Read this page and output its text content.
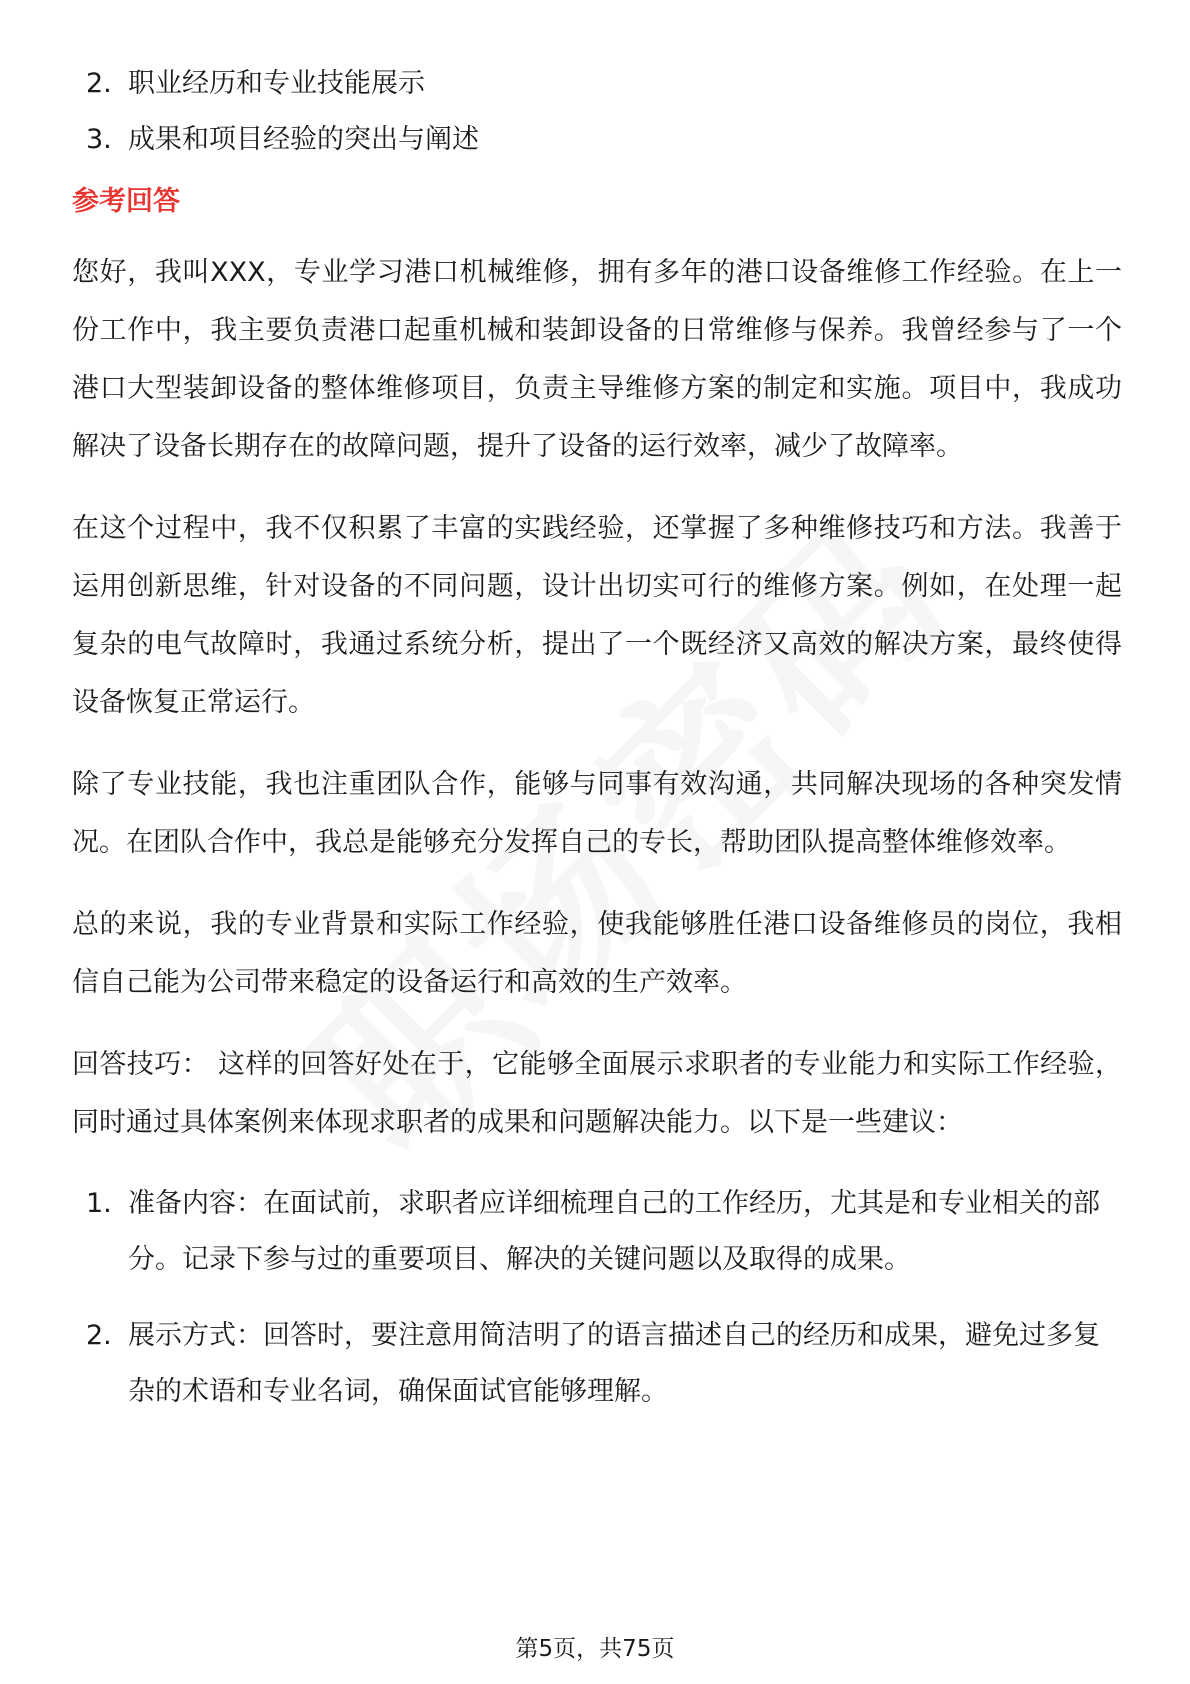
2. 职业经历和专业技能展示
3. 成果和项目经验的突出与阐述
参考回答

您好，我叫XXX，专业学习港口机械维修，拥有多年的港口设备维修工作经验。在上一份工作中，我主要负责港口起重机械和装卸设备的日常维修与保养。我曾经参与了一个港口大型装卸设备的整体维修项目，负责主导维修方案的制定和实施。项目中，我成功解决了设备长期存在的故障问题，提升了设备的运行效率，减少了故障率。

在这个过程中，我不仅积累了丰富的实践经验，还掌握了多种维修技巧和方法。我善于运用创新思维，针对设备的不同问题，设计出切实可行的维修方案。例如，在处理一起复杂的电气故障时，我通过系统分析，提出了一个既经济又高效的解决方案，最终使得设备恢复正常运行。

除了专业技能，我也注重团队合作，能够与同事有效沟通，共同解决现场的各种突发情况。在团队合作中，我总是能够充分发挥自己的专长，帮助团队提高整体维修效率。

总的来说，我的专业背景和实际工作经验，使我能够胜任港口设备维修员的岗位，我相信自己能为公司带来稳定的设备运行和高效的生产效率。

回答技巧： 这样的回答好处在于，它能够全面展示求职者的专业能力和实际工作经验，同时通过具体案例来体现求职者的成果和问题解决能力。以下是一些建议：

1. 准备内容：在面试前，求职者应详细梳理自己的工作经历，尤其是和专业相关的部分。记录下参与过的重要项目、解决的关键问题以及取得的成果。
2. 展示方式：回答时，要注意用简洁明了的语言描述自己的经历和成果，避免过多复杂的术语和专业名词，确保面试官能够理解。
第5页，共75页
